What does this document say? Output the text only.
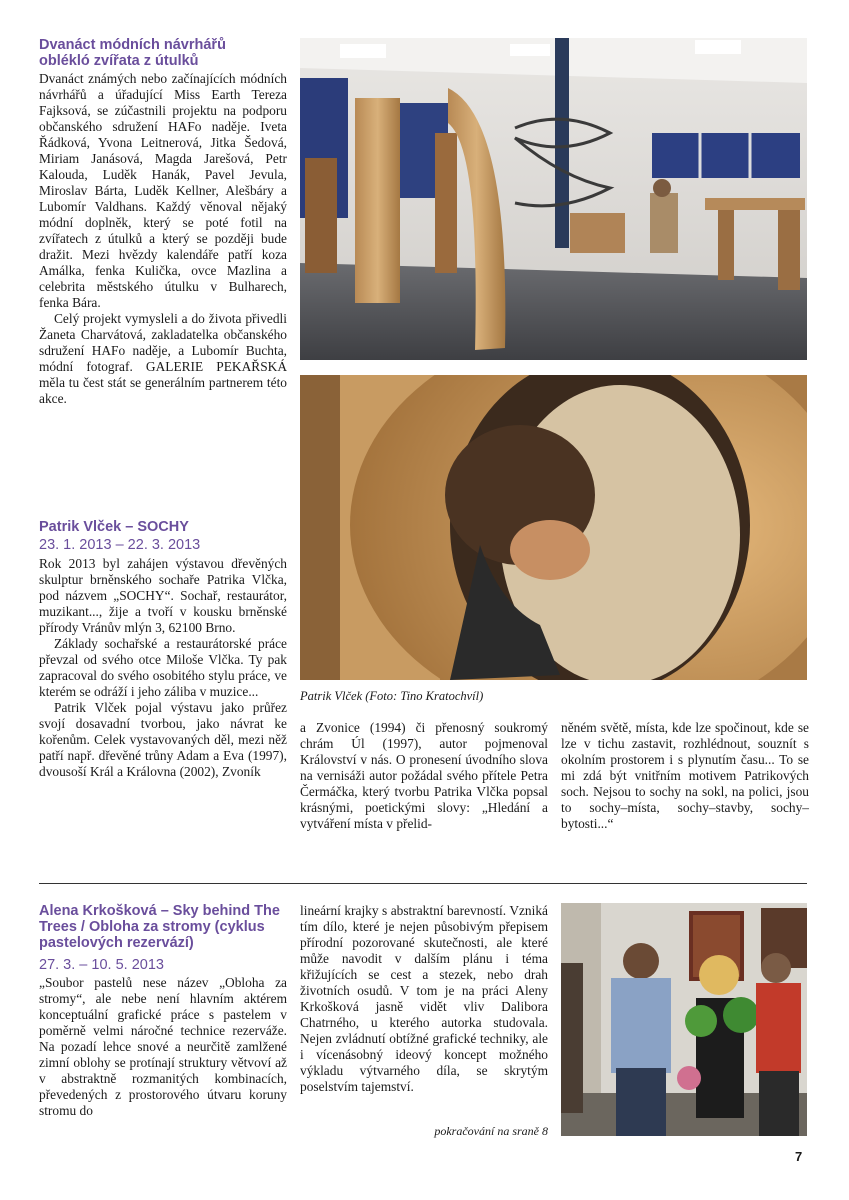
Dvanáct módních návrhářů oblékló zvířata z útulků

Dvanáct známých nebo začínajících módních návrhářů a úřadující Miss Earth Tereza Fajksová, se zúčastnili projektu na podporu občanského sdružení HAFo naděje. Iveta Řádková, Yvona Leitnerová, Jitka Šedová, Miriam Janásová, Magda Jarešová, Petr Kalouda, Luděk Hanák, Pavel Jevula, Miroslav Bárta, Luděk Kellner, Alešbáry a Lubomír Valdhans. Každý věnoval nějaký módní doplněk, který se poté fotil na zvířatech z útulků a který se později bude dražit. Mezi hvězdy kalendáře patří koza Amálka, fenka Kulička, ovce Mazlina a celebrita městského útulku v Bulharech, fenka Bára.

Celý projekt vymysleli a do života přivedli Žaneta Charvátová, zakladatelka občanského sdružení HAFo naděje, a Lubomír Buchta, módní fotograf. GALERIE PEKAŘSKÁ měla tu čest stát se generálním partnerem této akce.

Patrik Vlček – SOCHY
23. 1. 2013 – 22. 3. 2013

Rok 2013 byl zahájen výstavou dřevěných skulptur brněnského sochaře Patrika Vlčka, pod názvem „SOCHY“. Sochař, restaurátor, muzikant..., žije a tvoří v kousku brněnské přírody Vránův mlýn 3, 62100 Brno.

Základy sochařské a restaurátorské práce převzal od svého otce Miloše Vlčka. Ty pak zapracoval do svého osobitého stylu práce, ve kterém se odráží i jeho záliba v muzice...

Patrik Vlček pojal výstavu jako průřez svojí dosavadní tvorbou, jako návrat ke kořenům. Celek vystavovaných děl, mezi něž patří např. dřevěné trůny Adam a Eva (1997), dvousoší Král a Královna (2002), Zvoník

Patrik Vlček (Foto: Tino Kratochvíl)
a Zvonice (1994) či přenosný soukromý chrám Úl (1997), autor pojmenoval Království v nás. O pronesení úvodního slova na vernisáži autor požádal svého přítele Petra Čermáčka, který tvorbu Patrika Vlčka popsal krásnými, poetickými slovy: „Hledání a vytváření místa v přelid-
něném světě, místa, kde lze spočinout, kde se lze v tichu zastavit, rozhlédnout, souznít s okolním prostorem i s plynutím času... To se mi zdá být vnitřním motivem Patrikových soch. Nejsou to sochy na sokl, na polici, jsou to sochy–místa, sochy–stavby, sochy–bytosti...“
Alena Krkošková – Sky behind The Trees / Obloha za stromy (cyklus pastelových rezervází)
27. 3. – 10. 5. 2013
„Soubor pastelů nese název „Obloha za stromy“, ale nebe není hlavním aktérem konceptuální grafické práce s pastelem v poměrně velmi náročné technice rezerváže. Na pozadí lehce snové a neurčitě zamlžené zimní oblohy se protínají struktury větvoví až v abstraktně rozmanitých kombinacích, převedených z prostorového útvaru koruny stromu do
lineární krajky s abstraktní barevností. Vzniká tím dílo, které je nejen působivým přepisem přírodní pozorované skutečnosti, ale které může navodit v dalším plánu i téma křižujících se cest a stezek, nebo drah životních osudů. V tom je na práci Aleny Krkošková jasně vidět vliv Dalibora Chatrného, u kterého autorka studovala. Nejen zvládnutí obtížné grafické techniky, ale i vícenásobný ideový koncept možného výkladu výtvarného díla, se skrytým poselstvím tajemství.
pokračování na sraně 8
7
